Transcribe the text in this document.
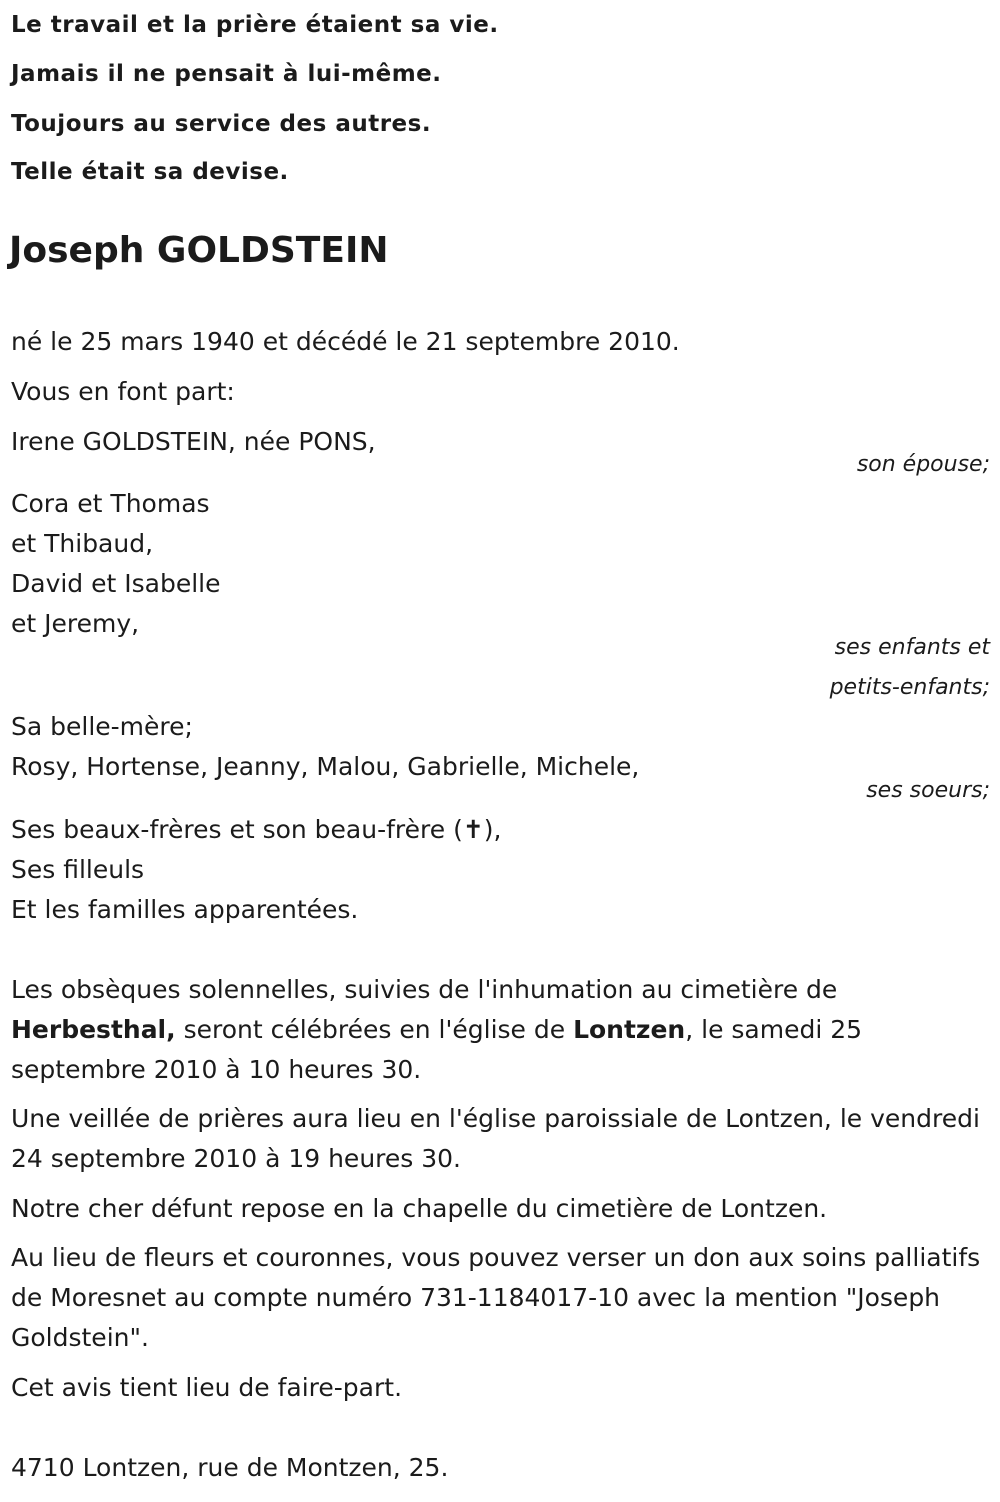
Le travail et la prière étaient sa vie.
Jamais il ne pensait à lui-même.
Toujours au service des autres.
Telle était sa devise.
Joseph GOLDSTEIN
né le 25 mars 1940 et décédé le 21 septembre 2010.
Vous en font part:
Irene GOLDSTEIN, née PONS,
son épouse;
Cora et Thomas
et Thibaud,
David et Isabelle
et Jeremy,
ses enfants et
petits-enfants;
Sa belle-mère;
Rosy, Hortense, Jeanny, Malou, Gabrielle, Michele,
ses soeurs;
Ses beaux-frères et son beau-frère (✝),
Ses filleuls
Et les familles apparentées.
Les obsèques solennelles, suivies de l'inhumation au cimetière de
Herbesthal, seront célébrées en l'église de Lontzen, le samedi 25 septembre 2010 à 10 heures 30.
Une veillée de prières aura lieu en l'église paroissiale de Lontzen, le vendredi 24 septembre 2010 à 19 heures 30.
Notre cher défunt repose en la chapelle du cimetière de Lontzen.
Au lieu de fleurs et couronnes, vous pouvez verser un don aux soins palliatifs de Moresnet au compte numéro 731-1184017-10 avec la mention "Joseph Goldstein".
Cet avis tient lieu de faire-part.
4710 Lontzen, rue de Montzen, 25.
